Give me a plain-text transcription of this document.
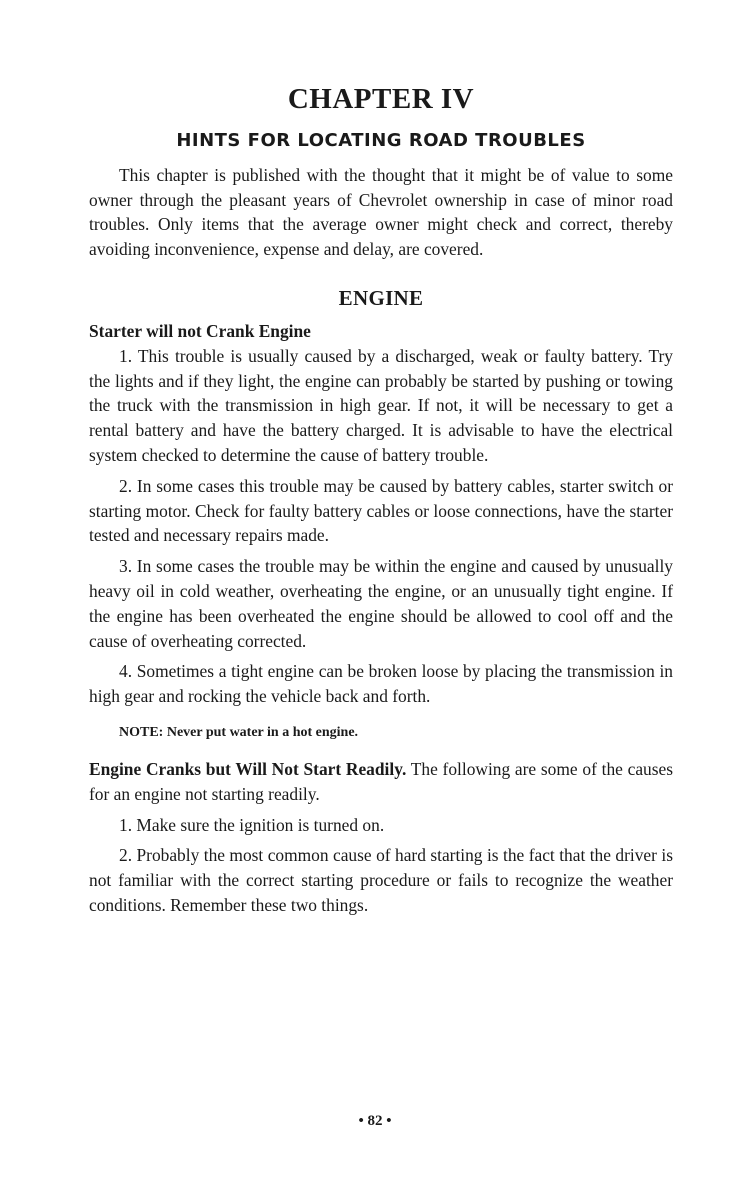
CHAPTER IV
HINTS FOR LOCATING ROAD TROUBLES

This chapter is published with the thought that it might be of value to some owner through the pleasant years of Chevrolet ownership in case of minor road troubles. Only items that the average owner might check and correct, thereby avoiding inconvenience, expense and delay, are covered.

ENGINE
Starter will not Crank Engine

1. This trouble is usually caused by a discharged, weak or faulty battery. Try the lights and if they light, the engine can probably be started by pushing or towing the truck with the transmission in high gear. If not, it will be necessary to get a rental battery and have the battery charged. It is advisable to have the electrical system checked to determine the cause of battery trouble.

2. In some cases this trouble may be caused by battery cables, starter switch or starting motor. Check for faulty battery cables or loose connections, have the starter tested and necessary repairs made.

3. In some cases the trouble may be within the engine and caused by unusually heavy oil in cold weather, overheating the engine, or an unusually tight engine. If the engine has been overheated the engine should be allowed to cool off and the cause of overheating corrected.

4. Sometimes a tight engine can be broken loose by placing the transmission in high gear and rocking the vehicle back and forth.

NOTE: Never put water in a hot engine.

Engine Cranks but Will Not Start Readily. The following are some of the causes for an engine not starting readily.

1. Make sure the ignition is turned on.

2. Probably the most common cause of hard starting is the fact that the driver is not familiar with the correct starting procedure or fails to recognize the weather conditions. Remember these two things.

• 82 •
